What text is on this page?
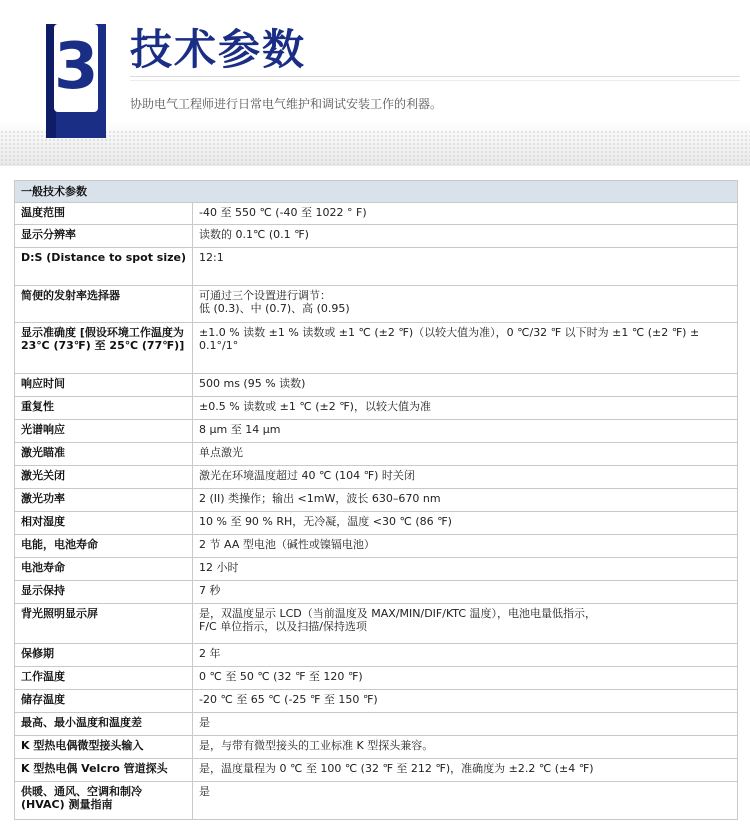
3 技术参数
协助电气工程师进行日常电气维护和调试安装工作的利器。
一般技术参数	
温度范围	-40 至 550 ℃ (-40 至 1022 ° F)
显示分辨率	读数的 0.1℃ (0.1 ℉)
D:S (Distance to spot size)	12:1
简便的发射率选择器	可通过三个设置进行调节：
低 (0.3)、中 (0.7)、高 (0.95)
显示准确度 [假设环境工作温度为 23℃ (73℉) 至 25℃ (77℉)]	±1.0 % 读数 ±1 % 读数或 ±1 ℃ (±2 ℉)（以较大值为准），0 ℃/32 ℉ 以下时为 ±1 ℃ (±2 ℉) ± 0.1°/1°
响应时间	500 ms (95 % 读数)
重复性	±0.5 % 读数或 ±1 ℃ (±2 ℉)，以较大值为准
光谱响应	8 µm 至 14 µm
激光瞄准	单点激光
激光关闭	激光在环境温度超过 40 ℃ (104 ℉) 时关闭
激光功率	2 (II) 类操作；输出 <1mW，波长 630–670 nm
相对湿度	10 % 至 90 % RH，无冷凝，温度 <30 ℃ (86 ℉)
电能，电池寿命	2 节 AA 型电池（碱性或镍镉电池）
电池寿命	12 小时
显示保持	7 秒
背光照明显示屏	是，双温度显示 LCD（当前温度及 MAX/MIN/DIF/KTC 温度），电池电量低指示，
F/C 单位指示，以及扫描/保持选项
保修期	2 年
工作温度	0 ℃ 至 50 ℃ (32 ℉ 至 120 ℉)
储存温度	-20 ℃ 至 65 ℃ (-25 ℉ 至 150 ℉)
最高、最小温度和温度差	是
K 型热电偶微型接头输入	是，与带有微型接头的工业标准 K 型探头兼容。
K 型热电偶 Velcro 管道探头	是，温度量程为 0 ℃ 至 100 ℃ (32 ℉ 至 212 ℉)，准确度为 ±2.2 ℃ (±4 ℉)
供暖、通风、空调和制冷 (HVAC) 测量指南	是
